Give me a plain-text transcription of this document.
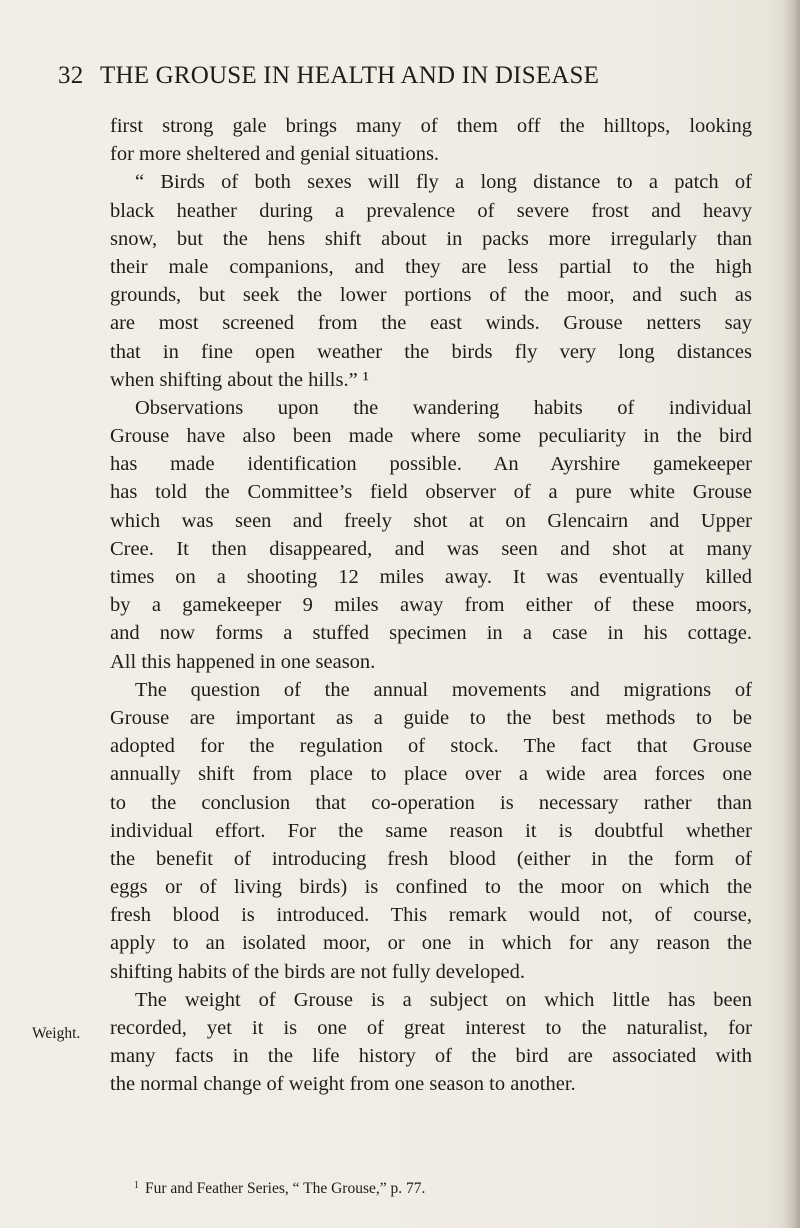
32 THE GROUSE IN HEALTH AND IN DISEASE
first strong gale brings many of them off the hilltops, looking
for more sheltered and genial situations.
“ Birds of both sexes will fly a long distance to a patch of
black heather during a prevalence of severe frost and heavy
snow, but the hens shift about in packs more irregularly than
their male companions, and they are less partial to the high
grounds, but seek the lower portions of the moor, and such as
are most screened from the east winds. Grouse netters say
that in fine open weather the birds fly very long distances
when shifting about the hills.” ¹
Observations upon the wandering habits of individual
Grouse have also been made where some peculiarity in the bird
has made identification possible. An Ayrshire gamekeeper
has told the Committee’s field observer of a pure white Grouse
which was seen and freely shot at on Glencairn and Upper
Cree. It then disappeared, and was seen and shot at many
times on a shooting 12 miles away. It was eventually killed
by a gamekeeper 9 miles away from either of these moors,
and now forms a stuffed specimen in a case in his cottage.
All this happened in one season.
The question of the annual movements and migrations of
Grouse are important as a guide to the best methods to be
adopted for the regulation of stock. The fact that Grouse
annually shift from place to place over a wide area forces one
to the conclusion that co-operation is necessary rather than
individual effort. For the same reason it is doubtful whether
the benefit of introducing fresh blood (either in the form of
eggs or of living birds) is confined to the moor on which the
fresh blood is introduced. This remark would not, of course,
apply to an isolated moor, or one in which for any reason the
shifting habits of the birds are not fully developed.
The weight of Grouse is a subject on which little has been
recorded, yet it is one of great interest to the naturalist, for
many facts in the life history of the bird are associated with
the normal change of weight from one season to another.
Weight.
$^1$ Fur and Feather Series, “ The Grouse,” p. 77.
